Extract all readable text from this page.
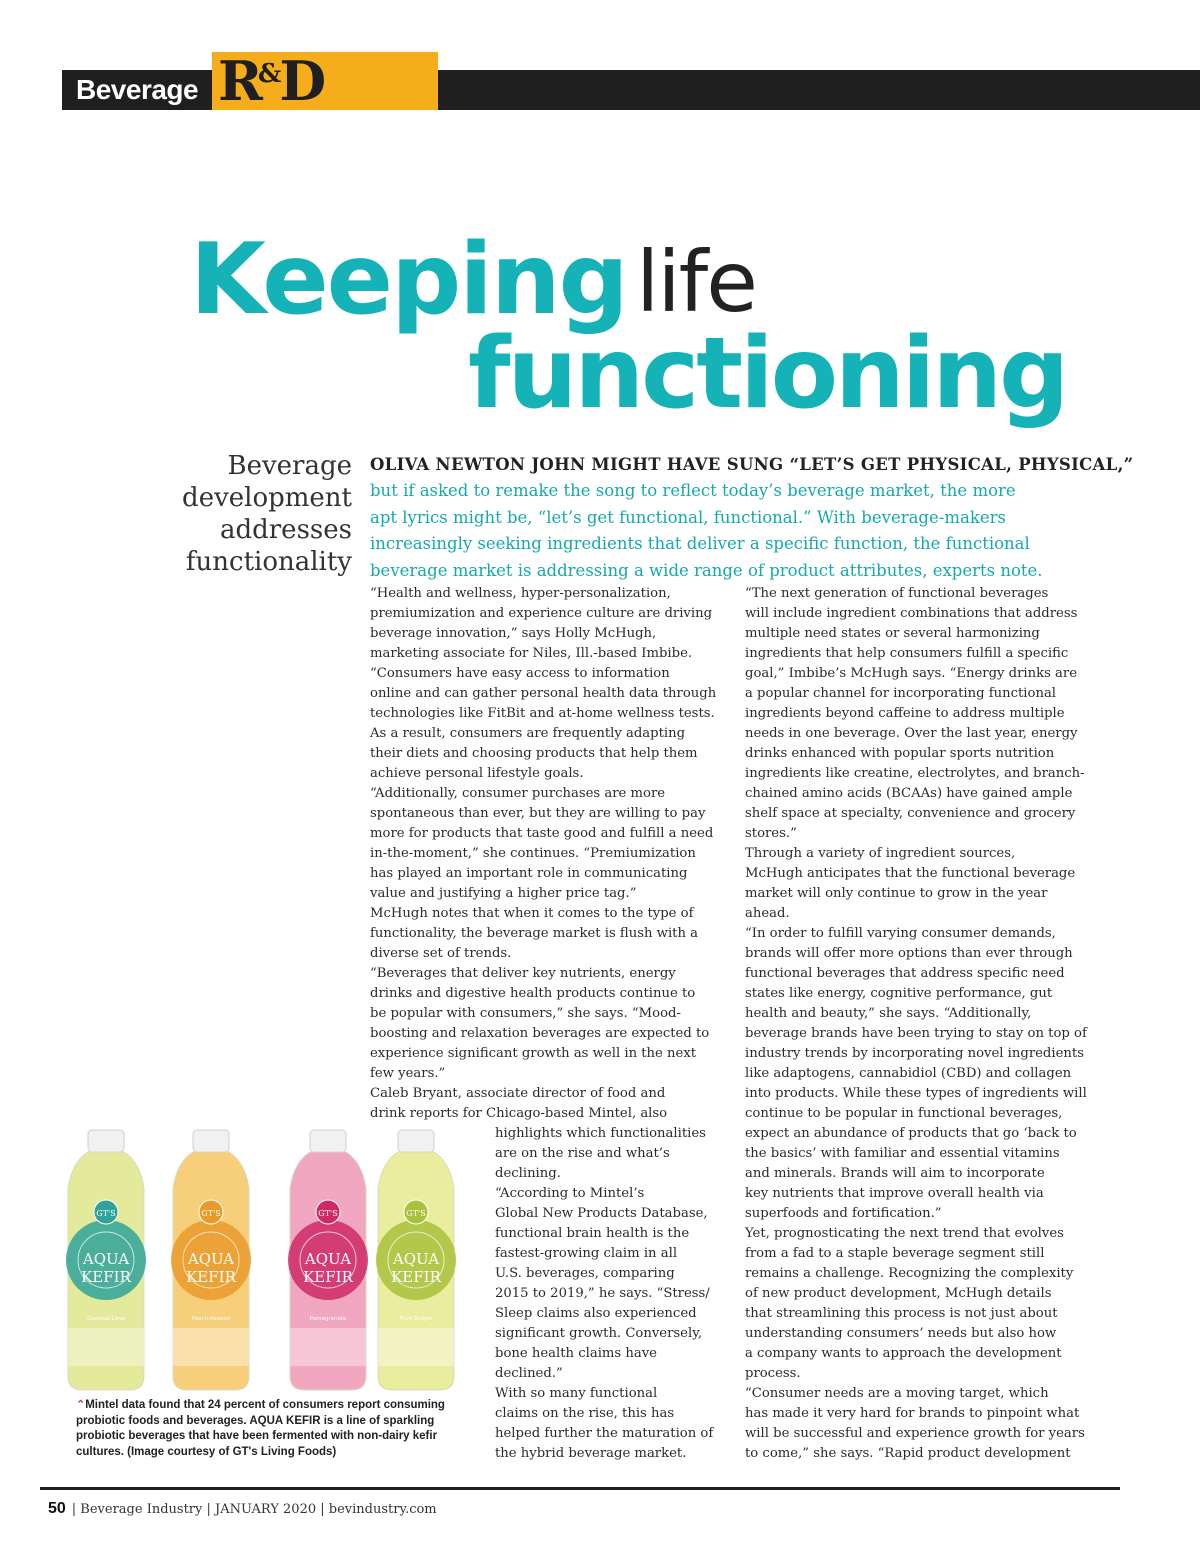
Beverage R&D
Keeping life
functioning
Beverage
development
addresses
functionality
OLIVA NEWTON JOHN MIGHT HAVE SUNG “LET’S GET PHYSICAL, PHYSICAL,”
but if asked to remake the song to reflect today’s beverage market, the more
apt lyrics might be, “let’s get functional, functional.” With beverage-makers
increasingly seeking ingredients that deliver a specific function, the functional
beverage market is addressing a wide range of product attributes, experts note.
“Health and wellness, hyper-personalization,
premiumization and experience culture are driving
beverage innovation,” says Holly McHugh,
marketing associate for Niles, Ill.-based Imbibe.
“Consumers have easy access to information
online and can gather personal health data through
technologies like FitBit and at-home wellness tests.
As a result, consumers are frequently adapting
their diets and choosing products that help them
achieve personal lifestyle goals.
“Additionally, consumer purchases are more
spontaneous than ever, but they are willing to pay
more for products that taste good and fulfill a need
in-the-moment,” she continues. “Premiumization
has played an important role in communicating
value and justifying a higher price tag.”
McHugh notes that when it comes to the type of
functionality, the beverage market is flush with a
diverse set of trends.
“Beverages that deliver key nutrients, energy
drinks and digestive health products continue to
be popular with consumers,” she says. “Mood-
boosting and relaxation beverages are expected to
experience significant growth as well in the next
few years.”
Caleb Bryant, associate director of food and
drink reports for Chicago-based Mintel, also
highlights which functionalities
are on the rise and what’s
declining.
“According to Mintel’s
Global New Products Database,
functional brain health is the
fastest-growing claim in all
U.S. beverages, comparing
2015 to 2019,” he says. “Stress/
Sleep claims also experienced
significant growth. Conversely,
bone health claims have
declined.”
With so many functional
claims on the rise, this has
helped further the maturation of
the hybrid beverage market.
“The next generation of functional beverages
will include ingredient combinations that address
multiple need states or several harmonizing
ingredients that help consumers fulfill a specific
goal,” Imbibe’s McHugh says. “Energy drinks are
a popular channel for incorporating functional
ingredients beyond caffeine to address multiple
needs in one beverage. Over the last year, energy
drinks enhanced with popular sports nutrition
ingredients like creatine, electrolytes, and branch-
chained amino acids (BCAAs) have gained ample
shelf space at specialty, convenience and grocery
stores.”
Through a variety of ingredient sources,
McHugh anticipates that the functional beverage
market will only continue to grow in the year
ahead.
“In order to fulfill varying consumer demands,
brands will offer more options than ever through
functional beverages that address specific need
states like energy, cognitive performance, gut
health and beauty,” she says. “Additionally,
beverage brands have been trying to stay on top of
industry trends by incorporating novel ingredients
like adaptogens, cannabidiol (CBD) and collagen
into products. While these types of ingredients will
continue to be popular in functional beverages,
expect an abundance of products that go ‘back to
the basics’ with familiar and essential vitamins
and minerals. Brands will aim to incorporate
key nutrients that improve overall health via
superfoods and fortification.”
Yet, prognosticating the next trend that evolves
from a fad to a staple beverage segment still
remains a challenge. Recognizing the complexity
of new product development, McHugh details
that streamlining this process is not just about
understanding consumers’ needs but also how
a company wants to approach the development
process.
“Consumer needs are a moving target, which
has made it very hard for brands to pinpoint what
will be successful and experience growth for years
to come,” she says. “Rapid product development
GT'S
AQUA
KEFIR
Coconut Lime
GT'S
AQUA
KEFIR
Peach Passion
GT'S
AQUA
KEFIR
Pomegranate
GT'S
AQUA
KEFIR
Pure Ginger
⌃Mintel data found that 24 percent of consumers report consuming
probiotic foods and beverages. AQUA KEFIR is a line of sparkling
probiotic beverages that have been fermented with non-dairy kefir
cultures. (Image courtesy of GT's Living Foods)
50 | Beverage Industry | JANUARY 2020 | bevindustry.com
